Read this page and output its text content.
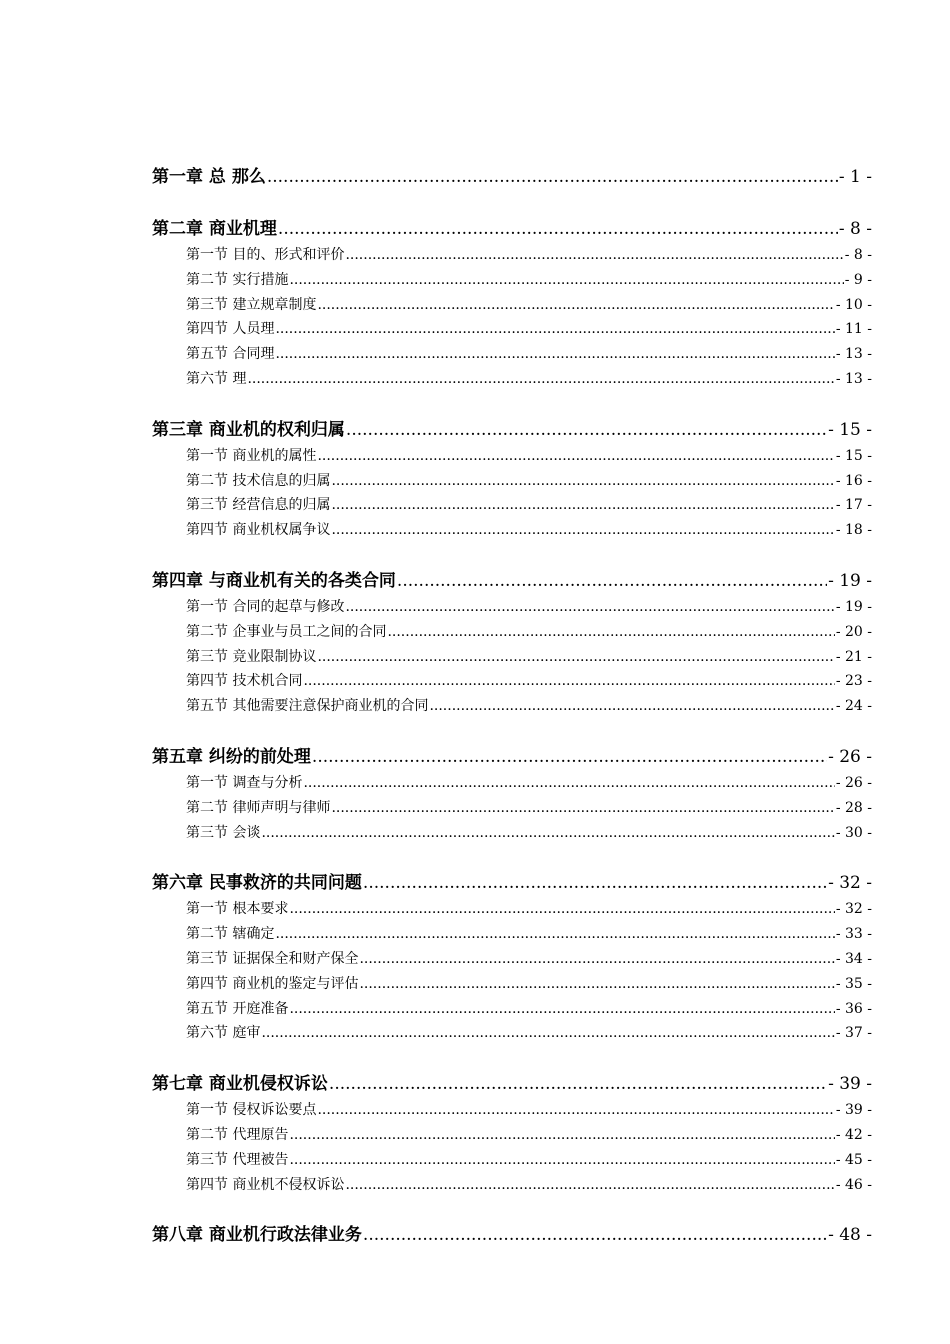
第一章 总 那么 .....	- 1 -
第二章 商业机理 .....	- 8 -
第一节 目的、形式和评价 .....	- 8 -
第二节 实行措施 .....	- 9 -
第三节 建立规章制度 .....	- 10 -
第四节 人员理 .....	- 11 -
第五节 合同理 .....	- 13 -
第六节 理 .....	- 13 -
第三章 商业机的权利归属 .....	- 15 -
第一节 商业机的属性 .....	- 15 -
第二节 技术信息的归属 .....	- 16 -
第三节 经营信息的归属 .....	- 17 -
第四节 商业机权属争议 .....	- 18 -
第四章 与商业机有关的各类合同 .....	- 19 -
第一节 合同的起草与修改 .....	- 19 -
第二节 企事业与员工之间的合同 .....	- 20 -
第三节 竞业限制协议 .....	- 21 -
第四节 技术机合同 .....	- 23 -
第五节 其他需要注意保护商业机的合同 .....	- 24 -
第五章 纠纷的前处理 .....	- 26 -
第一节 调查与分析 .....	- 26 -
第二节 律师声明与律师 .....	- 28 -
第三节 会谈 .....	- 30 -
第六章 民事救济的共同问题 .....	- 32 -
第一节 根本要求 .....	- 32 -
第二节 辖确定 .....	- 33 -
第三节 证据保全和财产保全 .....	- 34 -
第四节 商业机的鉴定与评估 .....	- 35 -
第五节 开庭准备 .....	- 36 -
第六节 庭审 .....	- 37 -
第七章 商业机侵权诉讼 .....	- 39 -
第一节 侵权诉讼要点 .....	- 39 -
第二节 代理原告 .....	- 42 -
第三节 代理被告 .....	- 45 -
第四节 商业机不侵权诉讼 .....	- 46 -
第八章 商业机行政法律业务 .....	- 48 -
